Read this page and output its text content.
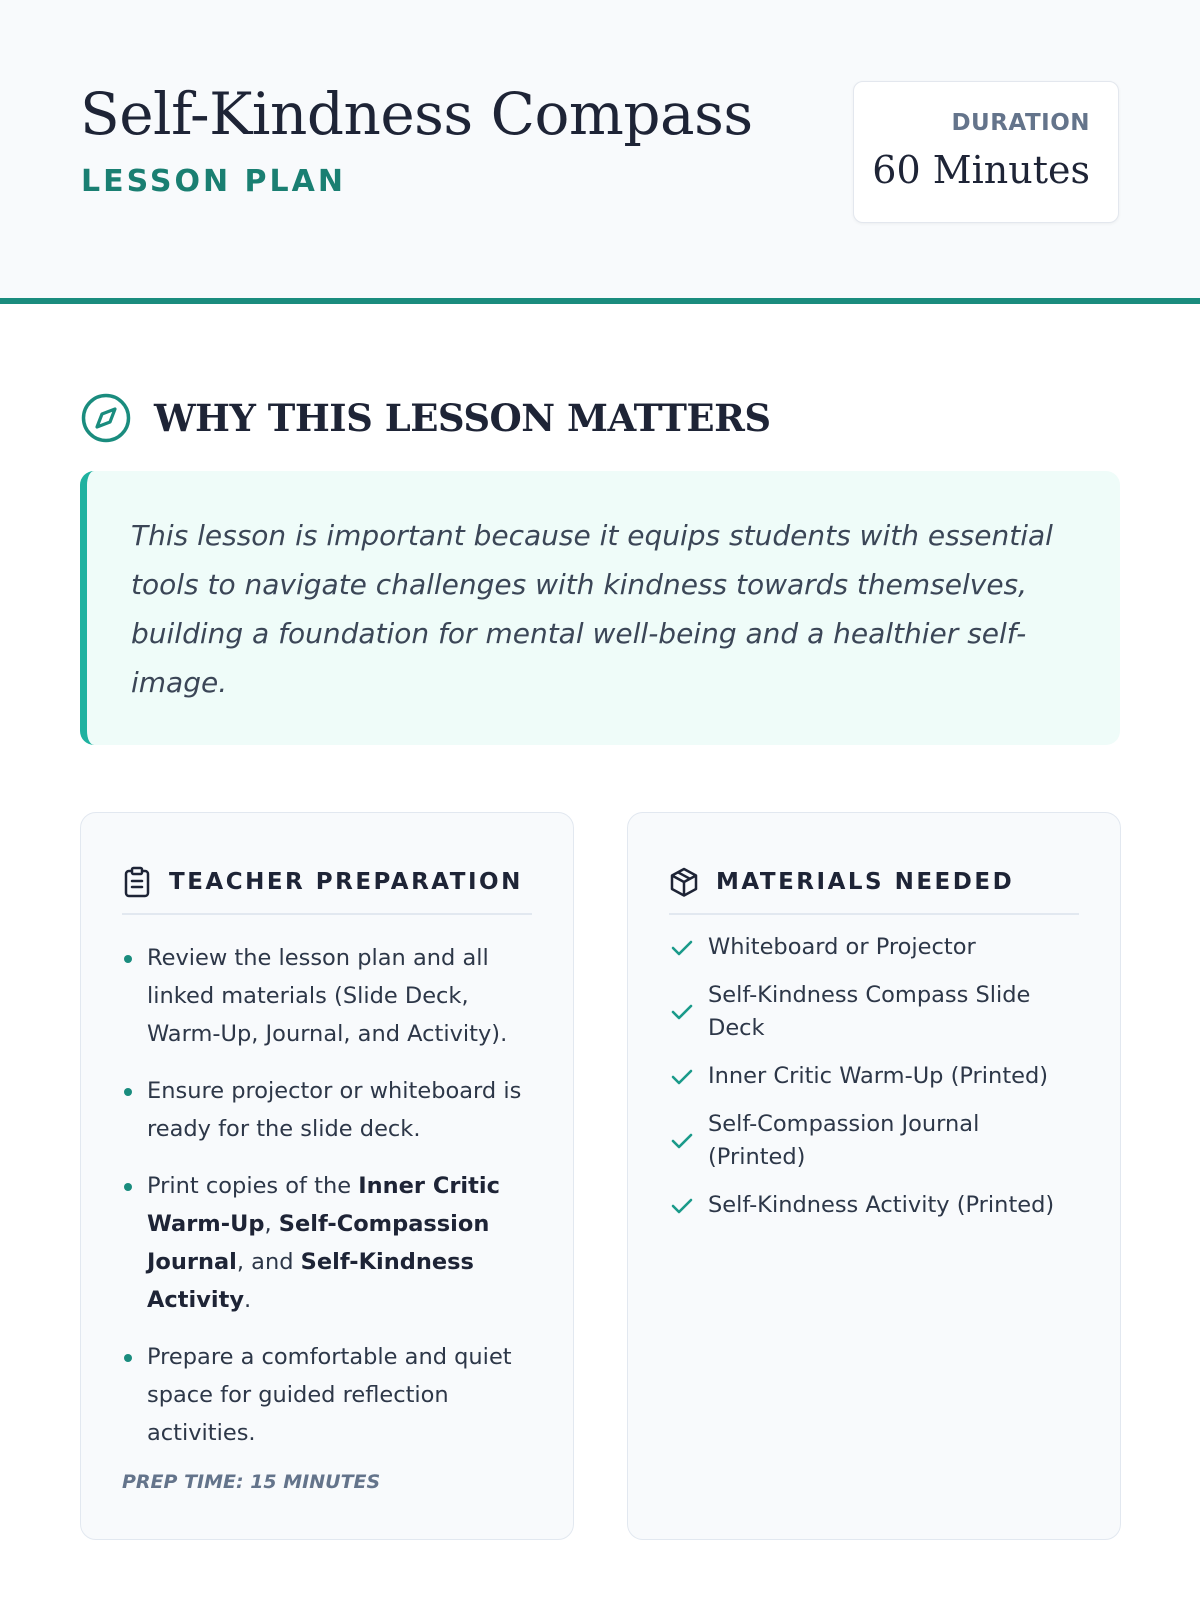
Self-Kindness Compass
LESSON PLAN
DURATION
60 Minutes
WHY THIS LESSON MATTERS

This lesson is important because it equips students with essential tools to navigate challenges with kindness towards themselves, building a foundation for mental well-being and a healthier self-image.

TEACHER PREPARATION
Review the lesson plan and all linked materials (Slide Deck, Warm-Up, Journal, and Activity).
Ensure projector or whiteboard is ready for the slide deck.
Print copies of the Inner Critic Warm-Up, Self-Compassion Journal, and Self-Kindness Activity.
Prepare a comfortable and quiet space for guided reflection activities.
PREP TIME: 15 MINUTES
MATERIALS NEEDED
Whiteboard or Projector
Self-Kindness Compass Slide Deck
Inner Critic Warm-Up (Printed)
Self-Compassion Journal (Printed)
Self-Kindness Activity (Printed)
